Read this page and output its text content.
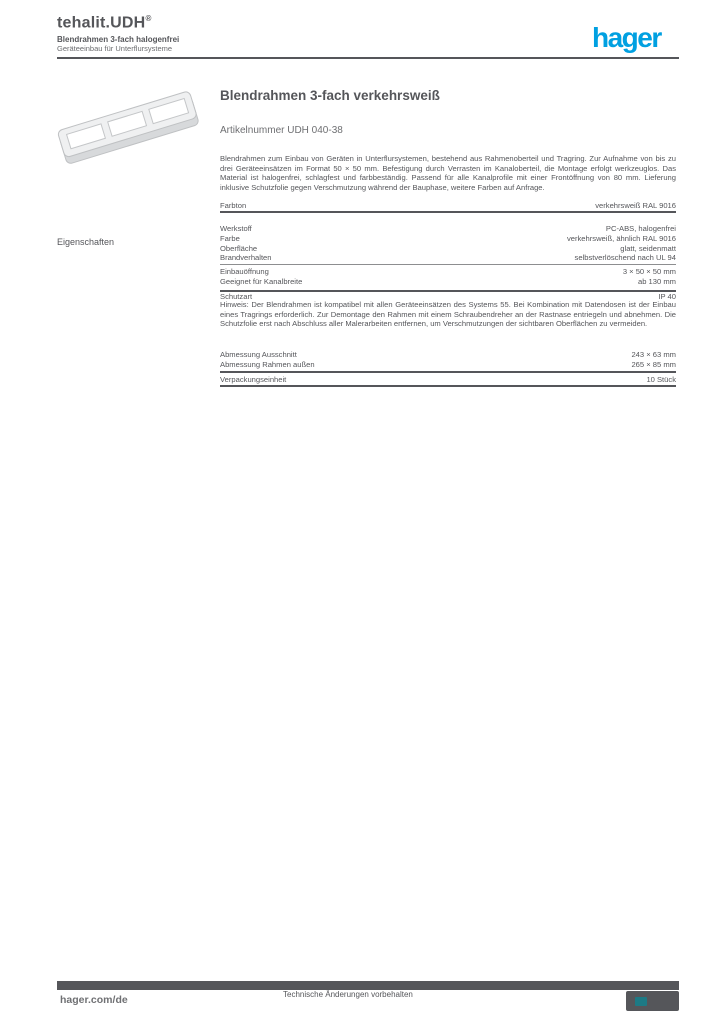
tehalit.UDH®
Blendrahmen 3-fach halogenfrei
Geräteeinbau für Unterflursysteme	hager
Blendrahmen 3-fach verkehrsweiß
Artikelnummer UDH 040-38
Blendrahmen zum Einbau von Geräten in Unterflursystemen, bestehend aus Rahmenoberteil und Tragring. Zur Aufnahme von bis zu drei Geräteeinsätzen im Format 50 × 50 mm. Befestigung durch Verrasten im Kanaloberteil, die Montage erfolgt werkzeuglos. Das Material ist halogenfrei, schlagfest und farbbeständig. Passend für alle Kanalprofile mit einer Frontöffnung von 80 mm. Lieferung inklusive Schutzfolie gegen Verschmutzung während der Bauphase, weitere Farben auf Anfrage.
Farbton	verkehrsweiß RAL 9016
Eigenschaften
Werkstoff	PC-ABS, halogenfrei
Farbe	verkehrsweiß, ähnlich RAL 9016
Oberfläche	glatt, seidenmatt
Brandverhalten	selbstverlöschend nach UL 94
Einbauöffnung	3 × 50 × 50 mm
Geeignet für Kanalbreite	ab 130 mm
Schutzart	IP 40
Hinweis: Der Blendrahmen ist kompatibel mit allen Geräteeinsätzen des Systems 55. Bei Kombination mit Datendosen ist der Einbau eines Tragrings erforderlich. Zur Demontage den Rahmen mit einem Schraubendreher an der Rastnase entriegeln und abnehmen. Die Schutzfolie erst nach Abschluss aller Malerarbeiten entfernen, um Verschmutzungen der sichtbaren Oberflächen zu vermeiden.
Abmessung Ausschnitt	243 × 63 mm
Abmessung Rahmen außen	265 × 85 mm
Verpackungseinheit	10 Stück
hager.com/de	Technische Änderungen vorbehalten
